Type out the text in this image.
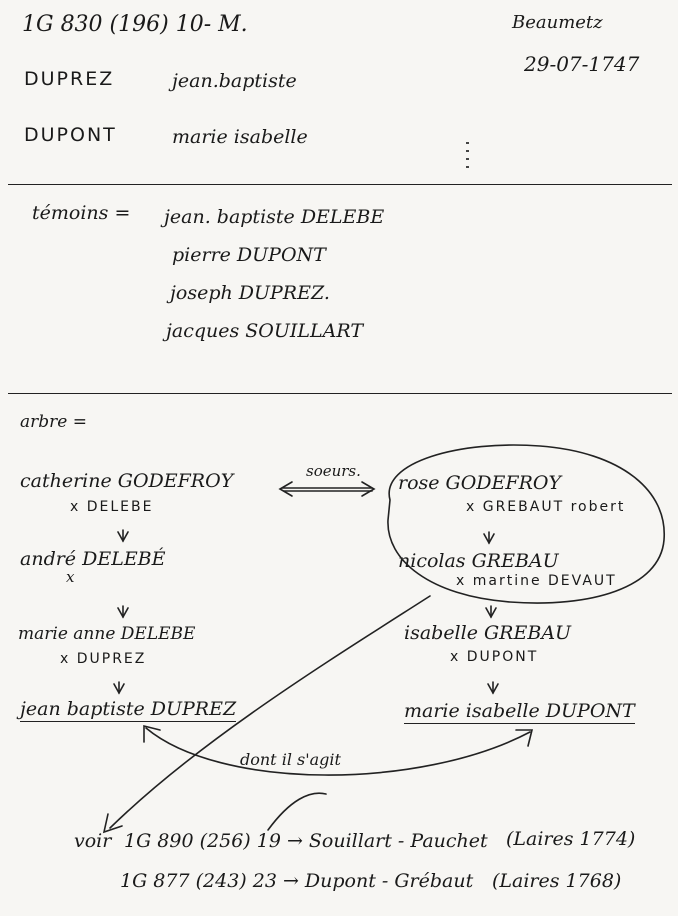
1G 830 (196) 10- M.	Beaumetz
29-07-1747
DUPREZ	jean.baptiste
DUPONT	marie isabelle
témoins = jean. baptiste DELEBE
pierre DUPONT
joseph DUPREZ.
jacques SOUILLART
arbre =
catherine GODEFROY
x DELEBE
andré DELEBÉ
x
marie anne DELEBE
x DUPREZ
jean baptiste DUPREZ
soeurs.
rose GODEFROY
x GREBAUT robert
nicolas GREBAU
x martine DEVAUT
isabelle GREBAU
x DUPONT
marie isabelle DUPONT
dont il s'agit
voir 1G 890 (256) 19 → Souillart - Pauchet (Laires 1774)
1G 877 (243) 23 → Dupont - Grébaut (Laires 1768)
